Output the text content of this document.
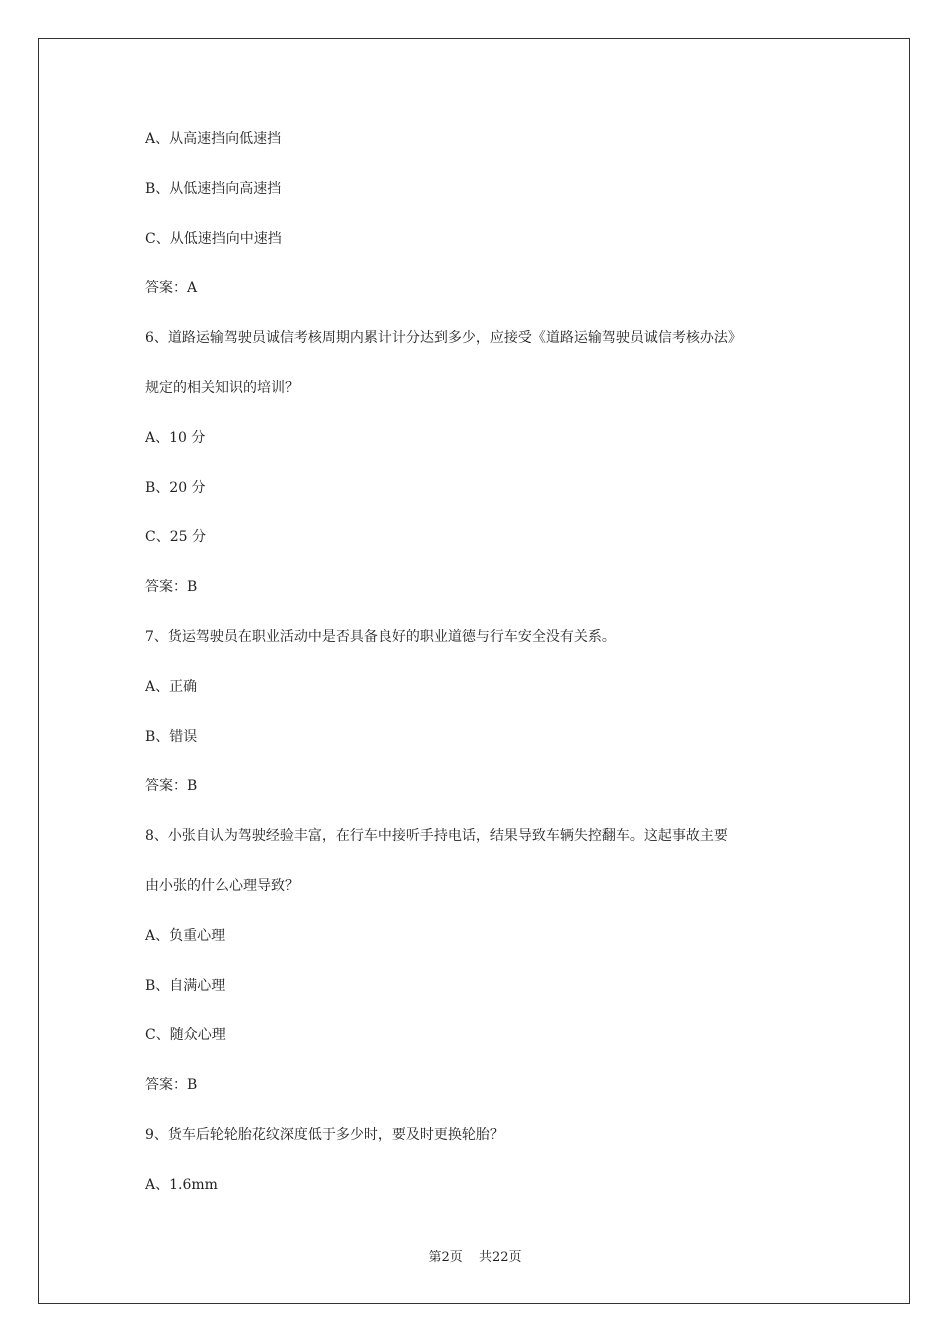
A、从高速挡向低速挡
B、从低速挡向高速挡
C、从低速挡向中速挡
答案：A
6、道路运输驾驶员诚信考核周期内累计计分达到多少，应接受《道路运输驾驶员诚信考核办法》
规定的相关知识的培训？
A、10 分
B、20 分
C、25 分
答案：B
7、货运驾驶员在职业活动中是否具备良好的职业道德与行车安全没有关系。
A、正确
B、错误
答案：B
8、小张自认为驾驶经验丰富，在行车中接听手持电话，结果导致车辆失控翻车。这起事故主要
由小张的什么心理导致？
A、负重心理
B、自满心理
C、随众心理
答案：B
9、货车后轮轮胎花纹深度低于多少时，要及时更换轮胎？
A、1.6mm
第2页 共22页
